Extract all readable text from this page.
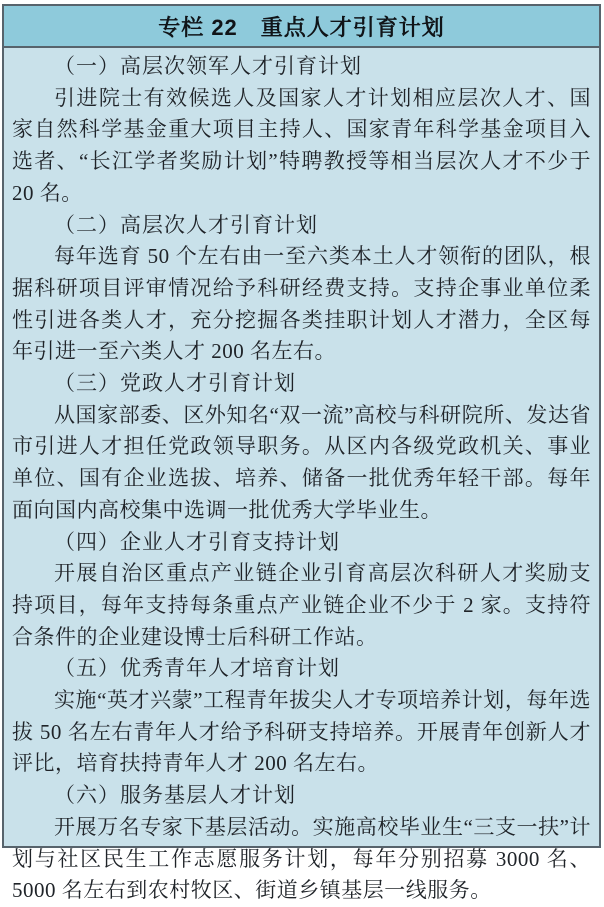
专栏 22　重点人才引育计划
（一）高层次领军人才引育计划

引进院士有效候选人及国家人才计划相应层次人才、国家自然科学基金重大项目主持人、国家青年科学基金项目入选者、“长江学者奖励计划”特聘教授等相当层次人才不少于 20 名。

（二）高层次人才引育计划

每年选育 50 个左右由一至六类本土人才领衔的团队，根据科研项目评审情况给予科研经费支持。支持企事业单位柔性引进各类人才，充分挖掘各类挂职计划人才潜力，全区每年引进一至六类人才 200 名左右。

（三）党政人才引育计划

从国家部委、区外知名“双一流”高校与科研院所、发达省市引进人才担任党政领导职务。从区内各级党政机关、事业单位、国有企业选拔、培养、储备一批优秀年轻干部。每年面向国内高校集中选调一批优秀大学毕业生。

（四）企业人才引育支持计划

开展自治区重点产业链企业引育高层次科研人才奖励支持项目，每年支持每条重点产业链企业不少于 2 家。支持符合条件的企业建设博士后科研工作站。

（五）优秀青年人才培育计划

实施“英才兴蒙”工程青年拔尖人才专项培养计划，每年选拔 50 名左右青年人才给予科研支持培养。开展青年创新人才评比，培育扶持青年人才 200 名左右。

（六）服务基层人才计划

开展万名专家下基层活动。实施高校毕业生“三支一扶”计划与社区民生工作志愿服务计划，每年分别招募 3000 名、5000 名左右到农村牧区、街道乡镇基层一线服务。
